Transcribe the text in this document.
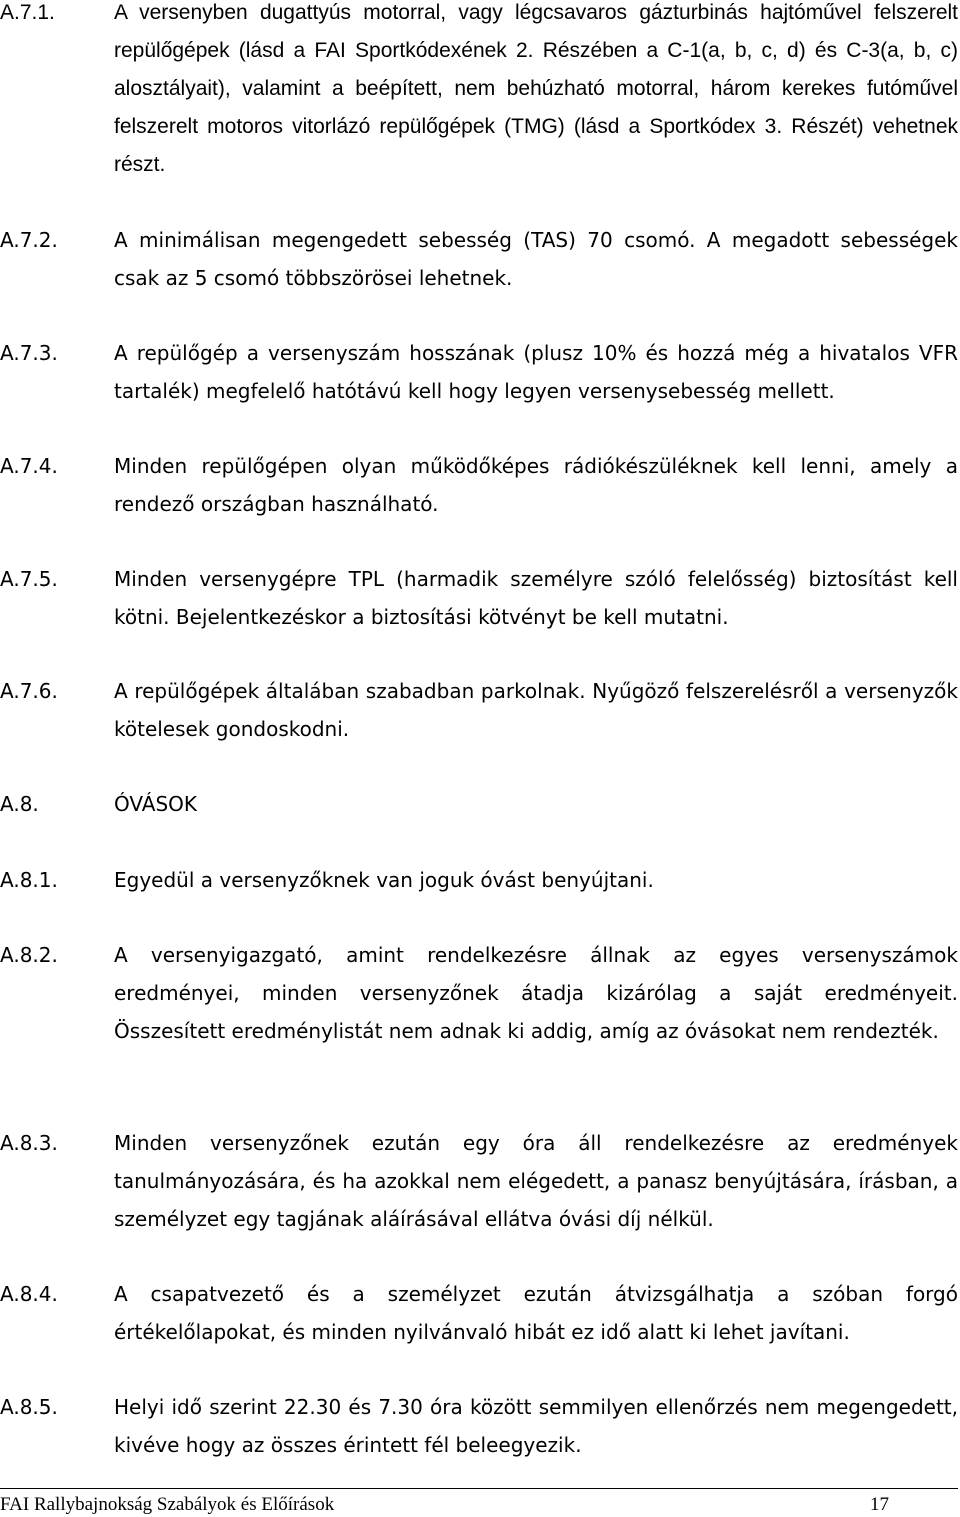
A.7.1.	A versenyben dugattyús motorral, vagy légcsavaros gázturbinás hajtóművel felszerelt repülőgépek (lásd a FAI Sportkódexének 2. Részében a C-1(a, b, c, d) és C-3(a, b, c) alosztályait), valamint a beépített, nem behúzható motorral, három kerekes futóművel felszerelt motoros vitorlázó repülőgépek (TMG) (lásd a Sportkódex 3. Részét) vehetnek részt.
A.7.2.	A minimálisan megengedett sebesség (TAS) 70 csomó. A megadott sebességek csak az 5 csomó többszörösei lehetnek.
A.7.3.	A repülőgép a versenyszám hosszának (plusz 10% és hozzá még a hivatalos VFR tartalék) megfelelő hatótávú kell hogy legyen versenysebesség mellett.
A.7.4.	Minden repülőgépen olyan működőképes rádiókészüléknek kell lenni, amely a rendező országban használható.
A.7.5.	Minden versenygépre TPL (harmadik személyre szóló felelősség) biztosítást kell kötni. Bejelentkezéskor a biztosítási kötvényt be kell mutatni.
A.7.6.	A repülőgépek általában szabadban parkolnak. Nyűgöző felszerelésről a versenyzők kötelesek gondoskodni.
A.8.	ÓVÁSOK
A.8.1.	Egyedül a versenyzőknek van joguk óvást benyújtani.
A.8.2.	A versenyigazgató, amint rendelkezésre állnak az egyes versenyszámok eredményei, minden versenyzőnek átadja kizárólag a saját eredményeit. Összesített eredménylistát nem adnak ki addig, amíg az óvásokat nem rendezték.
A.8.3.	Minden versenyzőnek ezután egy óra áll rendelkezésre az eredmények tanulmányozására, és ha azokkal nem elégedett, a panasz benyújtására, írásban, a személyzet egy tagjának aláírásával ellátva óvási díj nélkül.
A.8.4.	A csapatvezető és a személyzet ezután átvizsgálhatja a szóban forgó értékelőlapokat, és minden nyilvánvaló hibát ez idő alatt ki lehet javítani.
A.8.5.	Helyi idő szerint 22.30 és 7.30 óra között semmilyen ellenőrzés nem megengedett, kivéve hogy az összes érintett fél beleegyezik.
FAI Rallybajnokság Szabályok és Előírások	17
